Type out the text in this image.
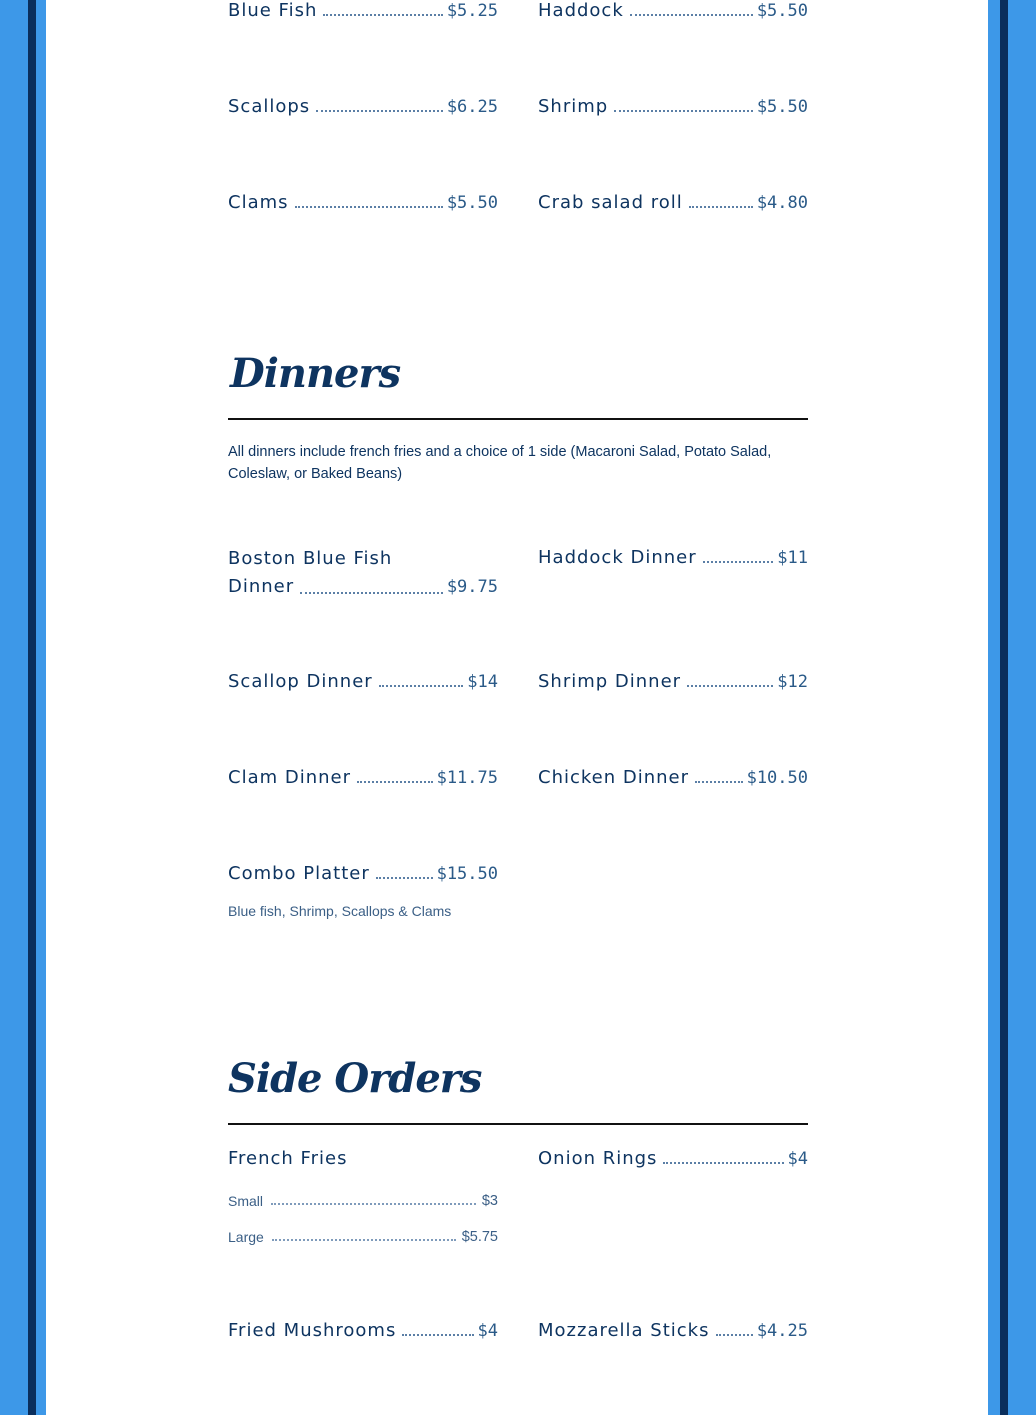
Blue Fish	$5.25 Haddock	$5.50
Scallops	$6.25 Shrimp	$5.50
Clams	$5.50 Crab salad roll	$4.80
Dinners
All dinners include french fries and a choice of 1 side (Macaroni Salad, Potato Salad, Coleslaw, or Baked Beans)
Boston Blue Fish
Dinner	$9.75
Haddock Dinner	$11
Scallop Dinner	$14 Shrimp Dinner	$12
Clam Dinner	$11.75 Chicken Dinner	$10.50
Combo Platter	$15.50
Blue fish, Shrimp, Scallops & Clams
Side Orders
French Fries
Small	$3
Large	$5.75
Onion Rings	$4
Fried Mushrooms	$4 Mozzarella Sticks	$4.25
